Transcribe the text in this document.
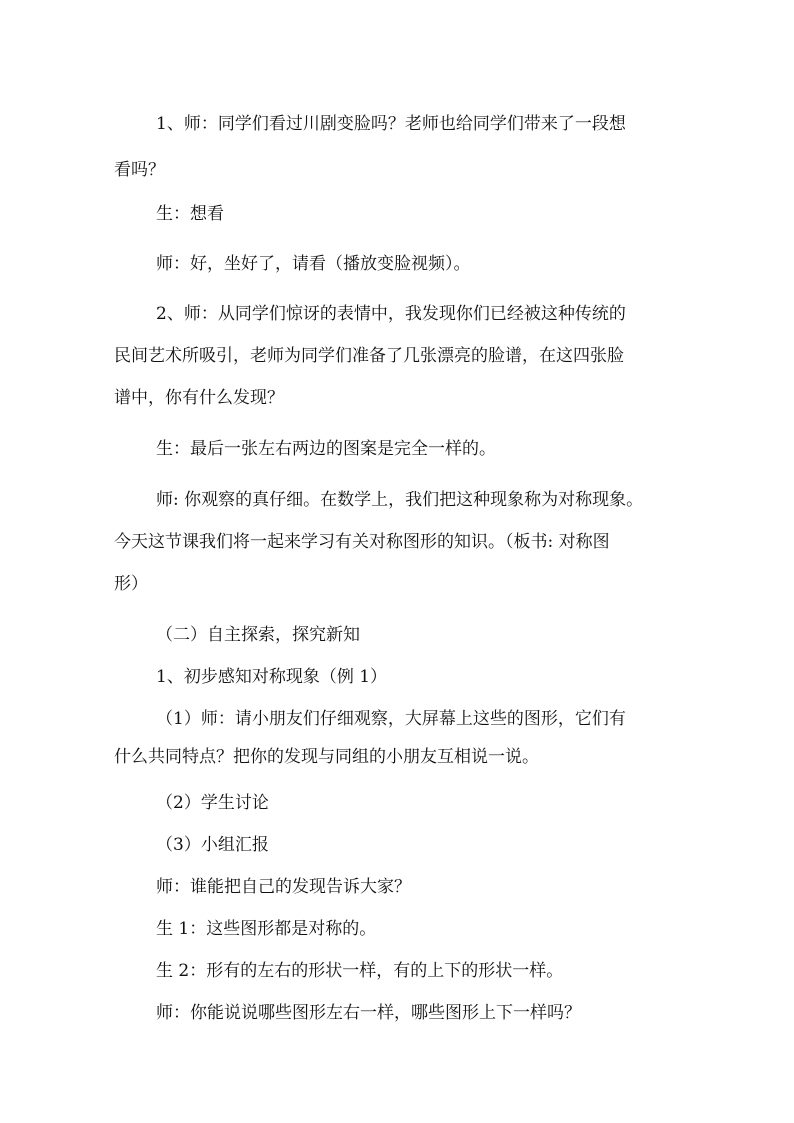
1、师：同学们看过川剧变脸吗？老师也给同学们带来了一段想
看吗？
生：想看
师：好，坐好了，请看（播放变脸视频）。
2、师：从同学们惊讶的表情中，我发现你们已经被这种传统的
民间艺术所吸引，老师为同学们准备了几张漂亮的脸谱，在这四张脸
谱中，你有什么发现？
生：最后一张左右两边的图案是完全一样的。
师: 你观察的真仔细。在数学上，我们把这种现象称为对称现象。
今天这节课我们将一起来学习有关对称图形的知识。（板书: 对称图
形）
（二）自主探索，探究新知
1、初步感知对称现象（例 1）
（1）师：请小朋友们仔细观察，大屏幕上这些的图形，它们有
什么共同特点？把你的发现与同组的小朋友互相说一说。
（2）学生讨论
（3）小组汇报
师：谁能把自己的发现告诉大家？
生 1：这些图形都是对称的。
生 2：形有的左右的形状一样，有的上下的形状一样。
师：你能说说哪些图形左右一样，哪些图形上下一样吗？
